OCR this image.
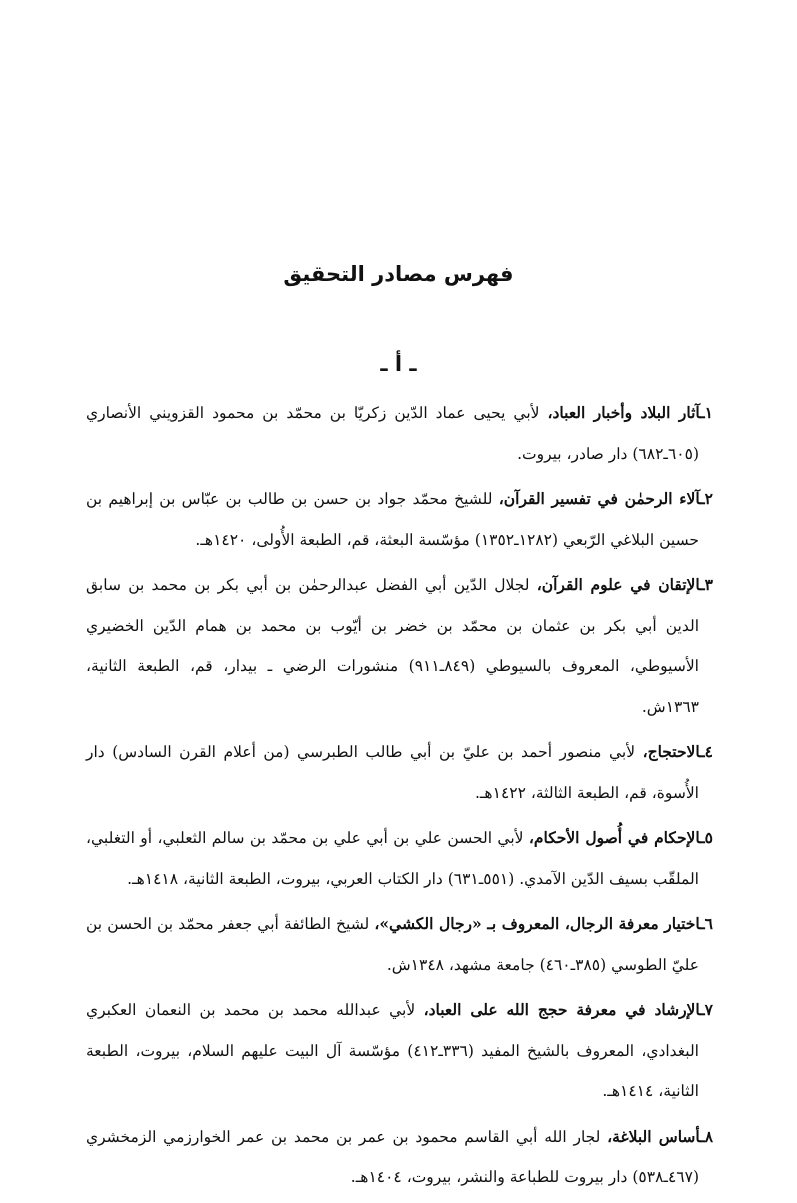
فهرس مصادر التحقيق
ـ أ ـ
١ـآثار البلاد وأخبار العباد، لأبي يحيى عماد الدّين زكريّا بن محمّد بن محمود القزويني الأنصاري (٦٠٥ـ٦٨٢) دار صادر، بيروت.
٢ـآلاء الرحمٰن في تفسير القرآن، للشيخ محمّد جواد بن حسن بن طالب بن عبّاس بن إبراهيم بن حسين البلاغي الرّبعي (١٢٨٢ـ١٣٥٢) مؤسّسة البعثة، قم، الطبعة الأُولى، ١٤٢٠هـ.
٣ـالإتقان في علوم القرآن، لجلال الدّين أبي الفضل عبدالرحمٰن بن أبي بكر بن محمد بن سابق الدين أبي بكر بن عثمان بن محمّد بن خضر بن أيّوب بن محمد بن همام الدّين الخضيري الأسيوطي، المعروف بالسيوطي (٨٤٩ـ٩١١) منشورات الرضي ـ بيدار، قم، الطبعة الثانية، ١٣٦٣ش.
٤ـالاحتجاج، لأبي منصور أحمد بن عليّ بن أبي طالب الطبرسي (من أعلام القرن السادس) دار الأُسوة، قم، الطبعة الثالثة، ١٤٢٢هـ.
٥ـالإحكام في أُصول الأحكام، لأبي الحسن علي بن أبي علي بن محمّد بن سالم الثعلبي، أو التغلبي، الملقّب بسيف الدّين الآمدي. (٥٥١ـ٦٣١) دار الكتاب العربي، بيروت، الطبعة الثانية، ١٤١٨هـ.
٦ـاختيار معرفة الرجال، المعروف بـ «رجال الكشي»، لشيخ الطائفة أبي جعفر محمّد بن الحسن بن عليّ الطوسي (٣٨٥ـ٤٦٠) جامعة مشهد، ١٣٤٨ش.
٧ـالإرشاد في معرفة حجج الله على العباد، لأبي عبدالله محمد بن محمد بن النعمان العكبري البغدادي، المعروف بالشيخ المفيد (٣٣٦ـ٤١٢) مؤسّسة آل البيت عليهم السلام، بيروت، الطبعة الثانية، ١٤١٤هـ.
٨ـأساس البلاغة، لجار الله أبي القاسم محمود بن عمر بن محمد بن عمر الخوارزمي الزمخشري (٤٦٧ـ٥٣٨) دار بيروت للطباعة والنشر، بيروت، ١٤٠٤هـ.
